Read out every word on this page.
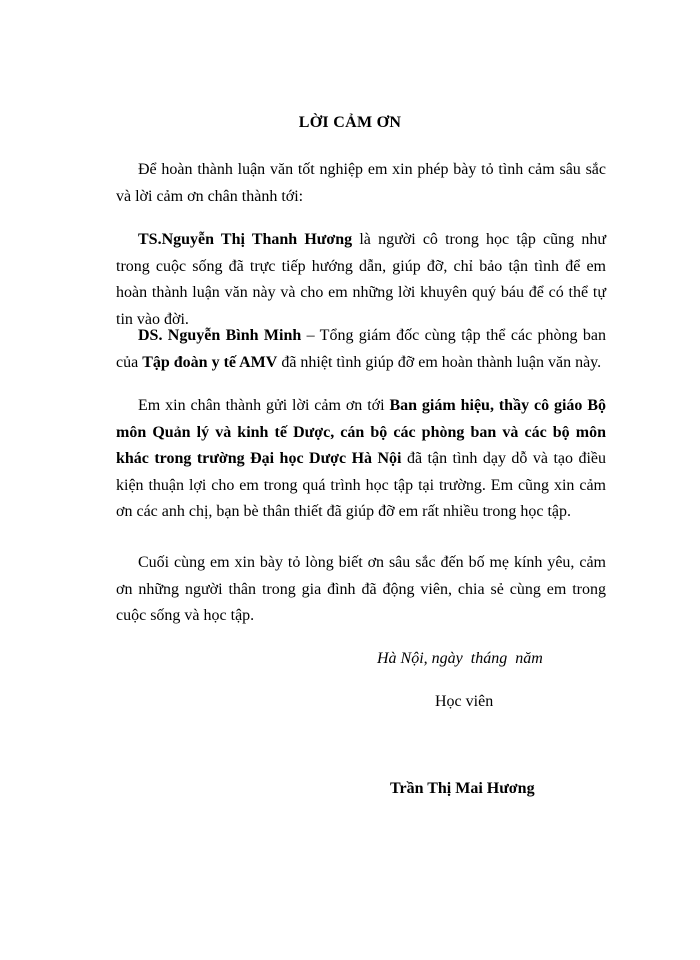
LỜI CẢM ƠN

Để hoàn thành luận văn tốt nghiệp em xin phép bày tỏ tình cảm sâu sắc và lời cảm ơn chân thành tới:

TS.Nguyễn Thị Thanh Hương là người cô trong học tập cũng như trong cuộc sống đã trực tiếp hướng dẫn, giúp đỡ, chỉ bảo tận tình để em hoàn thành luận văn này và cho em những lời khuyên quý báu để có thể tự tin vào đời.

DS. Nguyễn Bình Minh – Tổng giám đốc cùng tập thể các phòng ban của Tập đoàn y tế AMV đã nhiệt tình giúp đỡ em hoàn thành luận văn này.

Em xin chân thành gửi lời cảm ơn tới Ban giám hiệu, thầy cô giáo Bộ môn Quản lý và kinh tế Dược, cán bộ các phòng ban và các bộ môn khác trong trường Đại học Dược Hà Nội đã tận tình dạy dỗ và tạo điều kiện thuận lợi cho em trong quá trình học tập tại trường. Em cũng xin cảm ơn các anh chị, bạn bè thân thiết đã giúp đỡ em rất nhiều trong học tập.

Cuối cùng em xin bày tỏ lòng biết ơn sâu sắc đến bố mẹ kính yêu, cảm ơn những người thân trong gia đình đã động viên, chia sẻ cùng em trong cuộc sống và học tập.

Hà Nội, ngày  tháng  năm
Học viên
Trần Thị Mai Hương
